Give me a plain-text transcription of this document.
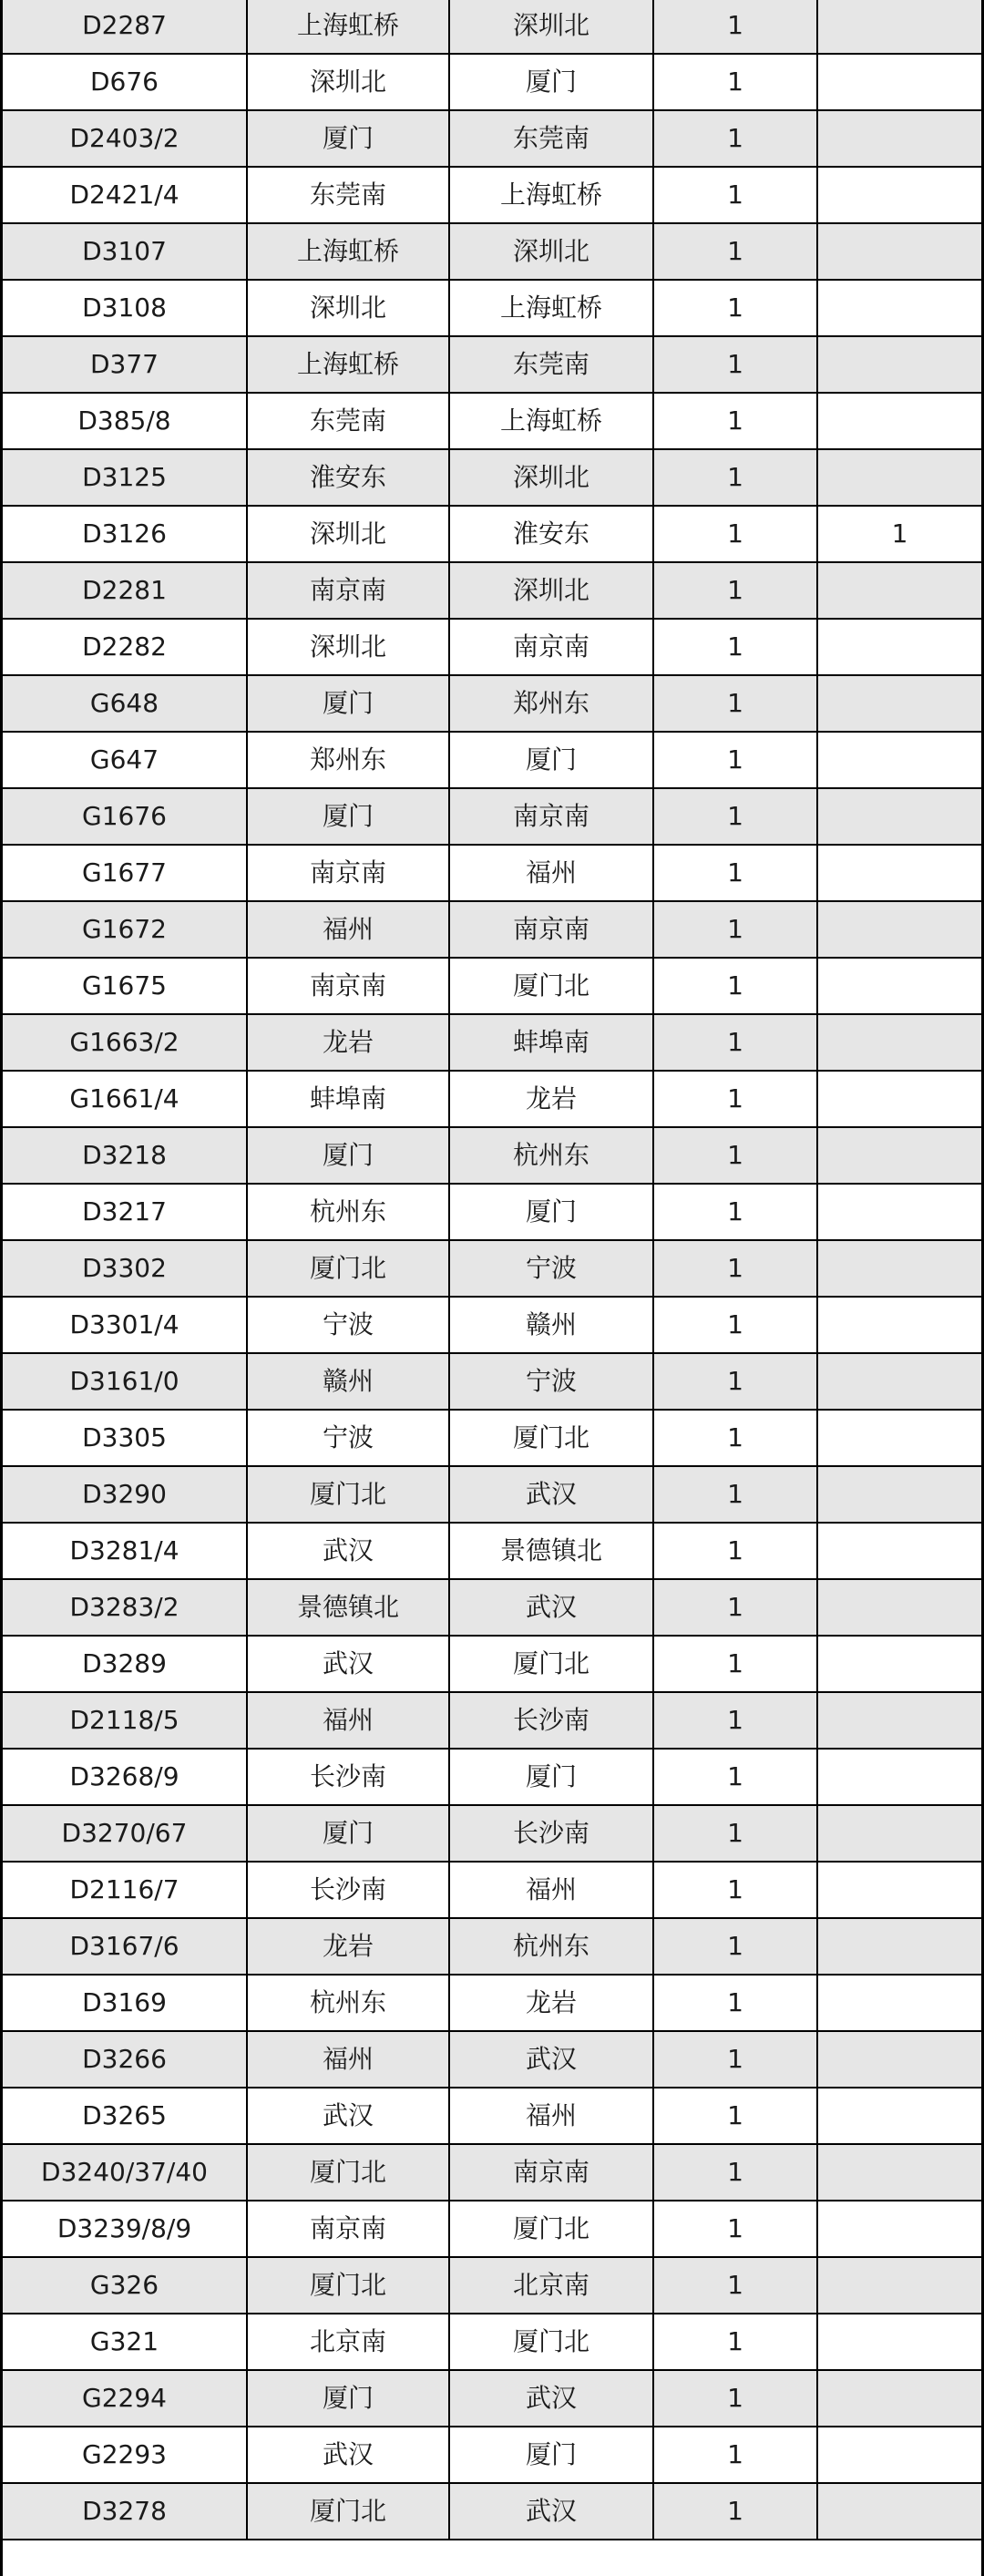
D2287	上海虹桥	深圳北	1	
D676	深圳北	厦门	1	
D2403/2	厦门	东莞南	1	
D2421/4	东莞南	上海虹桥	1	
D3107	上海虹桥	深圳北	1	
D3108	深圳北	上海虹桥	1	
D377	上海虹桥	东莞南	1	
D385/8	东莞南	上海虹桥	1	
D3125	淮安东	深圳北	1	
D3126	深圳北	淮安东	1	1
D2281	南京南	深圳北	1	
D2282	深圳北	南京南	1	
G648	厦门	郑州东	1	
G647	郑州东	厦门	1	
G1676	厦门	南京南	1	
G1677	南京南	福州	1	
G1672	福州	南京南	1	
G1675	南京南	厦门北	1	
G1663/2	龙岩	蚌埠南	1	
G1661/4	蚌埠南	龙岩	1	
D3218	厦门	杭州东	1	
D3217	杭州东	厦门	1	
D3302	厦门北	宁波	1	
D3301/4	宁波	赣州	1	
D3161/0	赣州	宁波	1	
D3305	宁波	厦门北	1	
D3290	厦门北	武汉	1	
D3281/4	武汉	景德镇北	1	
D3283/2	景德镇北	武汉	1	
D3289	武汉	厦门北	1	
D2118/5	福州	长沙南	1	
D3268/9	长沙南	厦门	1	
D3270/67	厦门	长沙南	1	
D2116/7	长沙南	福州	1	
D3167/6	龙岩	杭州东	1	
D3169	杭州东	龙岩	1	
D3266	福州	武汉	1	
D3265	武汉	福州	1	
D3240/37/40	厦门北	南京南	1	
D3239/8/9	南京南	厦门北	1	
G326	厦门北	北京南	1	
G321	北京南	厦门北	1	
G2294	厦门	武汉	1	
G2293	武汉	厦门	1	
D3278	厦门北	武汉	1	
